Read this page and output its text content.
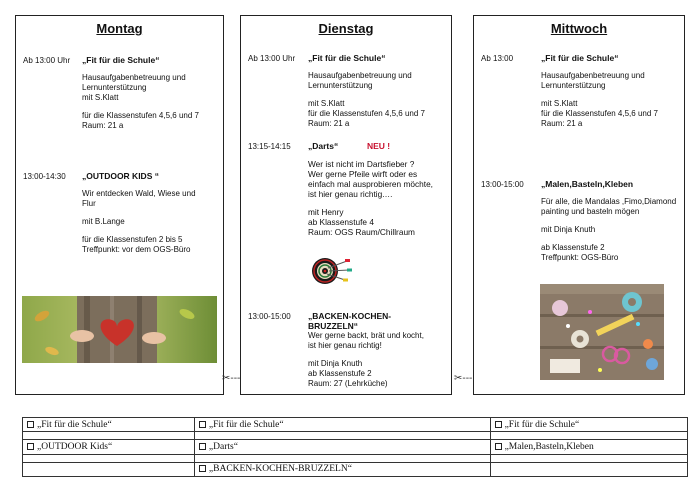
Montag
Ab 13:00 Uhr „Fit für die Schule“
Hausaufgabenbetreuung und
Lernunterstützung
mit S.Klatt
für die Klassenstufen 4,5,6 und 7
Raum: 21 a
13:00-14:30 „OUTDOOR KIDS “
Wir entdecken Wald, Wiese und
Flur
mit B.Lange
für die Klassenstufen 2 bis 5
Treffpunkt: vor dem OGS-Büro
Dienstag
Ab 13:00 Uhr „Fit für die Schule“
Hausaufgabenbetreuung und
Lernunterstützung
mit S.Klatt
für die Klassenstufen 4,5,6 und 7
Raum: 21 a
13:15-14:15	NEU !
„Darts“
Wer ist nicht im Dartsfieber ?
Wer gerne Pfeile wirft oder es
einfach mal ausprobieren möchte,
ist hier genau richtig.…
mit Henry
ab Klassenstufe 4
Raum: OGS Raum/Chillraum
13:00-15:00 „BACKEN-KOCHEN-
BRUZZELN“
Wer gerne backt, brät und kocht,
ist hier genau richtig!
mit Dinja Knuth
ab Klassenstufe 2
Raum: 27 (Lehrküche)
Mittwoch
Ab 13:00	„Fit für die Schule“
Hausaufgabenbetreuung und
Lernunterstützung
mit S.Klatt
für die Klassenstufen 4,5,6 und 7
Raum: 21 a
13:00-15:00 „Malen,Basteln,Kleben
Für alle, die Mandalas ,Fimo,Diamond
painting und basteln mögen
mit Dinja Knuth
ab Klassenstufe 2
Treffpunkt: OGS-Büro
✂---	✂---
„Fit für die Schule“	„Fit für die Schule“	„Fit für die Schule“

„OUTDOOR Kids“	„Darts“	„Malen,Basteln,Kleben

	„BACKEN-KOCHEN-BRUZZELN“	
